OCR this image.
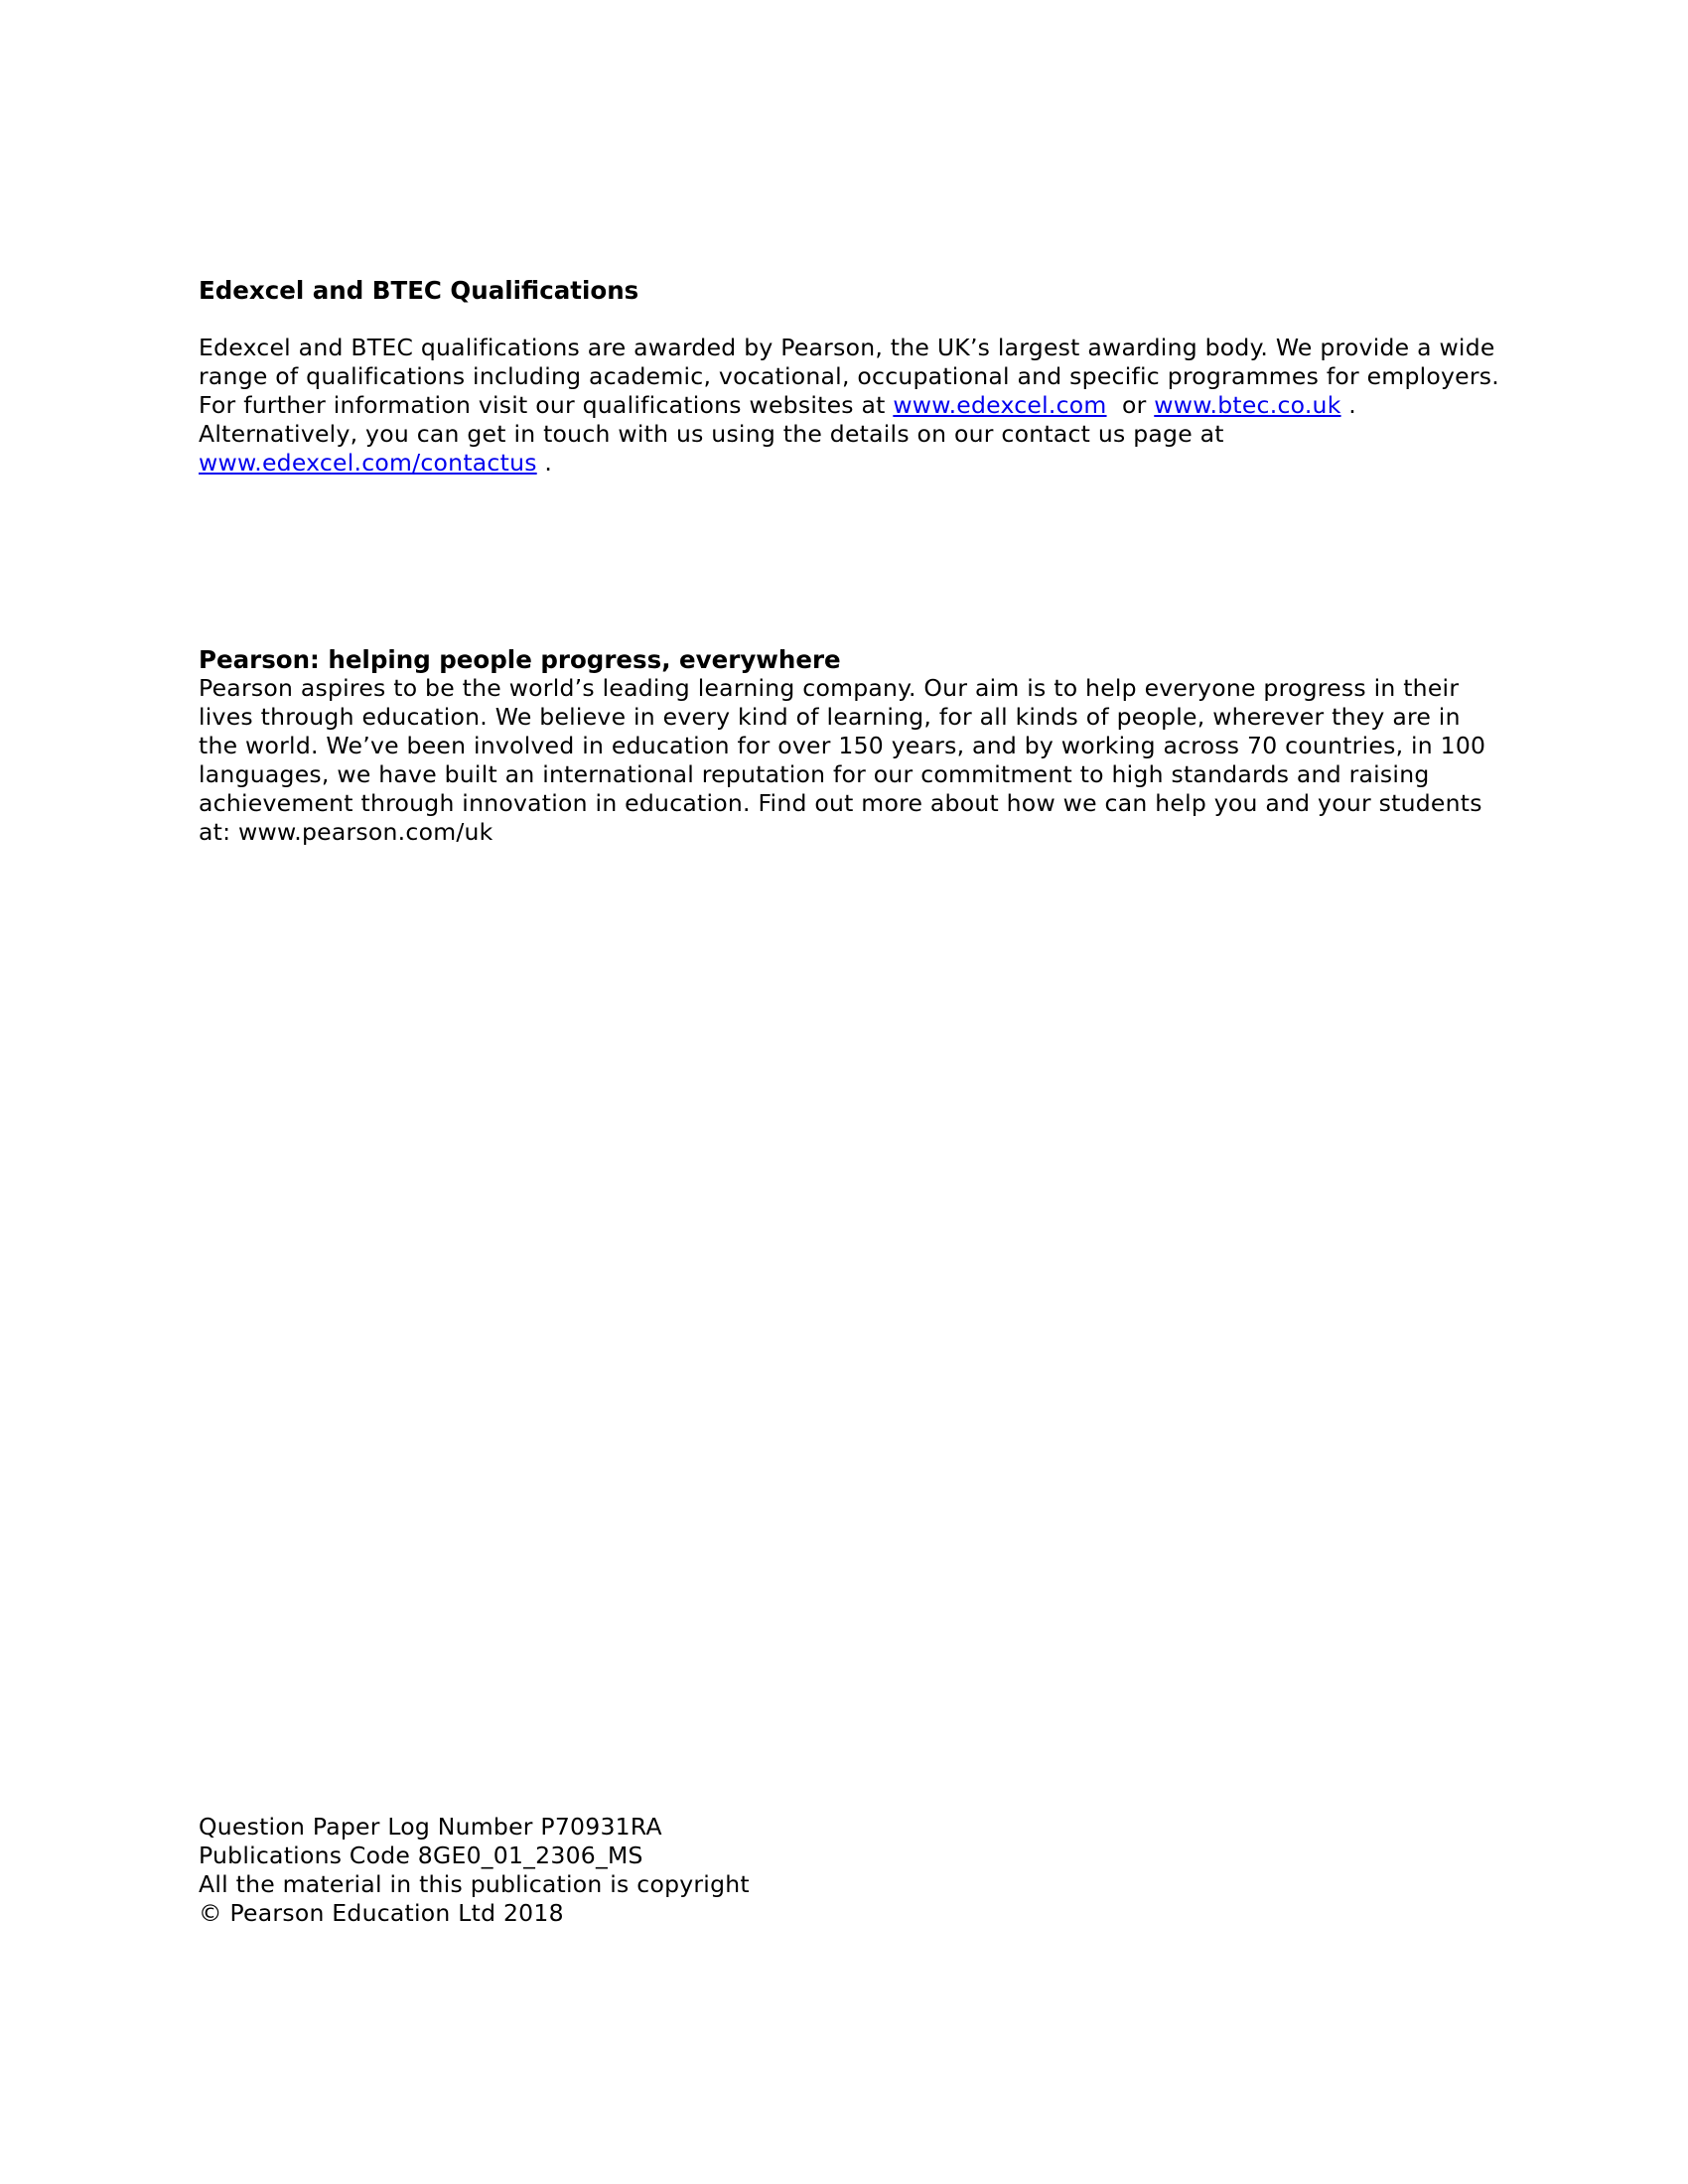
Edexcel and BTEC Qualifications

Edexcel and BTEC qualifications are awarded by Pearson, the UK’s largest awarding body. We provide a wide
range of qualifications including academic, vocational, occupational and specific programmes for employers.
For further information visit our qualifications websites at www.edexcel.com  or www.btec.co.uk .
Alternatively, you can get in touch with us using the details on our contact us page at
www.edexcel.com/contactus .

Pearson: helping people progress, everywhere

Pearson aspires to be the world’s leading learning company. Our aim is to help everyone progress in their
lives through education. We believe in every kind of learning, for all kinds of people, wherever they are in
the world. We’ve been involved in education for over 150 years, and by working across 70 countries, in 100
languages, we have built an international reputation for our commitment to high standards and raising
achievement through innovation in education. Find out more about how we can help you and your students
at: www.pearson.com/uk

Question Paper Log Number P70931RA
Publications Code 8GE0_01_2306_MS
All the material in this publication is copyright
© Pearson Education Ltd 2018
